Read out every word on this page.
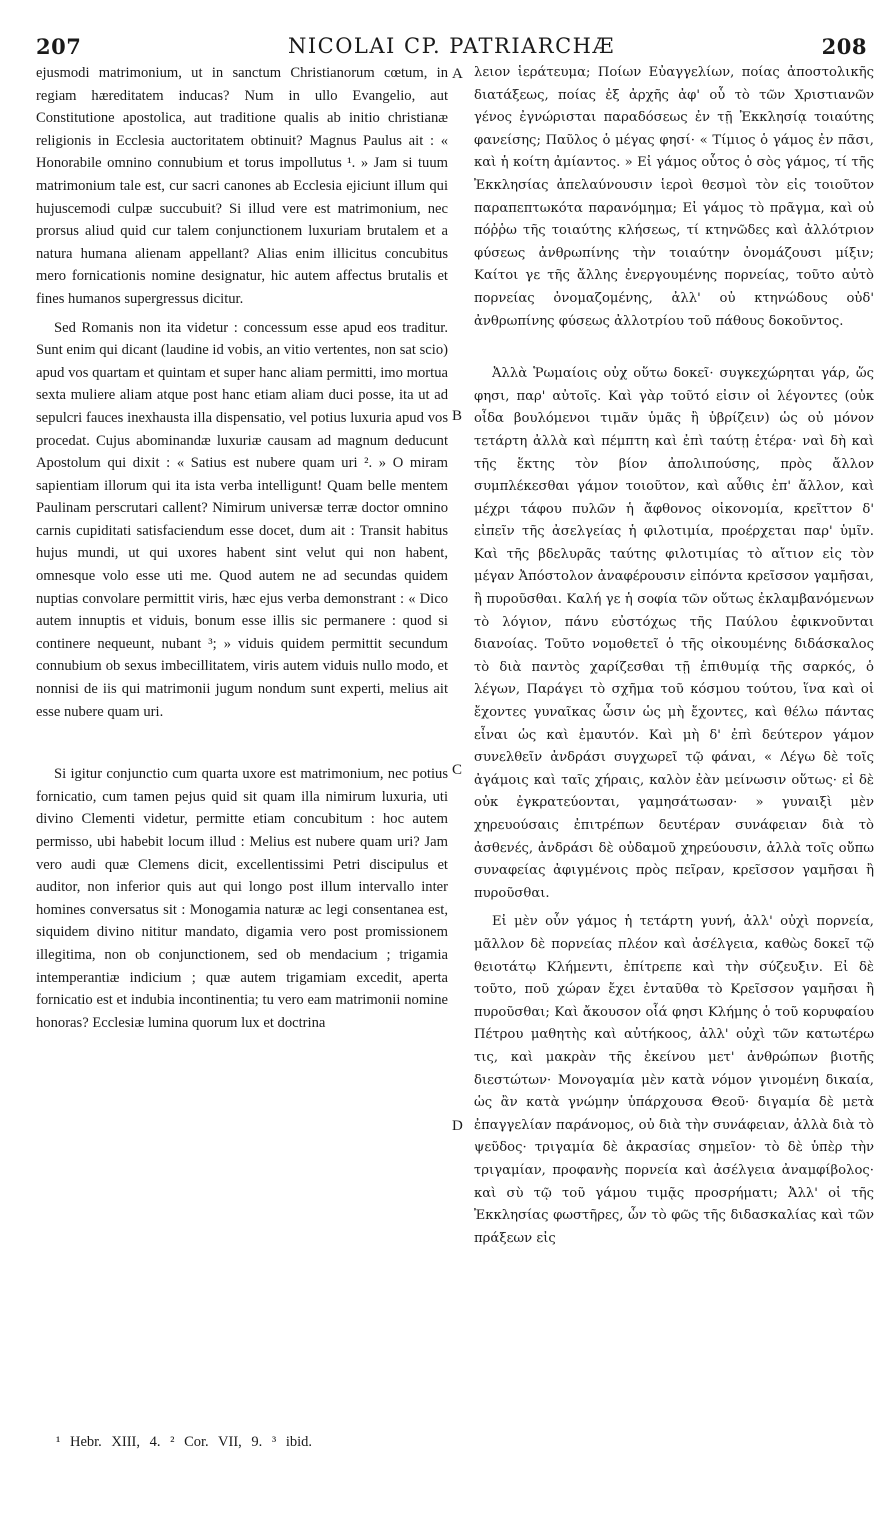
207	NICOLAI CP. PATRIARCHÆ	208

ejusmodi matrimonium, ut in sanctum Christianorum cœtum, in regiam hæreditatem inducas? Num in ullo Evangelio, aut Constitutione apostolica, aut traditione qualis ab initio christianæ religionis in Ecclesia auctoritatem obtinuit? Magnus Paulus ait : « Honorabile omnino connubium et torus impollutus ¹. » Jam si tuum matrimonium tale est, cur sacri canones ab Ecclesia ejiciunt illum qui hujuscemodi culpæ succubuit? Si illud vere est matrimonium, nec prorsus aliud quid cur talem conjunctionem luxuriam brutalem et a natura humana alienam appellant? Alias enim illicitus concubitus mero fornicationis nomine designatur, hic autem affectus brutalis et fines humanos supergressus dicitur.

Sed Romanis non ita videtur : concessum esse apud eos traditur. Sunt enim qui dicant (laudine id vobis, an vitio vertentes, non sat scio) apud vos quartam et quintam et super hanc aliam permitti, imo mortua sexta muliere aliam atque post hanc etiam aliam duci posse, ita ut ad sepulcri fauces inexhausta illa dispensatio, vel potius luxuria apud vos procedat. Cujus abominandæ luxuriæ causam ad magnum deducunt Apostolum qui dixit : « Satius est nubere quam uri ². » O miram sapientiam illorum qui ita ista verba intelligunt! Quam belle mentem Paulinam perscrutari callent? Nimirum universæ terræ doctor omnino carnis cupiditati satisfaciendum esse docet, dum ait : Transit habitus hujus mundi, ut qui uxores habent sint velut qui non habent, omnesque volo esse uti me. Quod autem ne ad secundas quidem nuptias convolare permittit viris, hæc ejus verba demonstrant : « Dico autem innuptis et viduis, bonum esse illis sic permanere : quod si continere nequeunt, nubant ³; » viduis quidem permittit secundum connubium ob sexus imbecillitatem, viris autem viduis nullo modo, et nonnisi de iis qui matrimonii jugum nondum sunt experti, melius ait esse nubere quam uri.

Si igitur conjunctio cum quarta uxore est matrimonium, nec potius fornicatio, cum tamen pejus quid sit quam illa nimirum luxuria, uti divino Clementi videtur, permitte etiam concubitum : hoc autem permisso, ubi habebit locum illud : Melius est nubere quam uri? Jam vero audi quæ Clemens dicit, excellentissimi Petri discipulus et auditor, non inferior quis aut qui longo post illum intervallo inter homines conversatus sit : Monogamia naturæ ac legi consentanea est, siquidem divino nititur mandato, digamia vero post promissionem illegitima, non ob conjunctionem, sed ob mendacium ; trigamia intemperantiæ indicium ; quæ autem trigamiam excedit, aperta fornicatio est et indubia incontinentia; tu vero eam matrimonii nomine honoras? Ecclesiæ lumina quorum lux et doctrina

A
B
C
D

λειον ἱεράτευμα; Ποίων Εὐαγγελίων, ποίας ἀποστολικῆς διατάξεως, ποίας ἐξ ἀρχῆς ἀφ' οὗ τὸ τῶν Χριστιανῶν γένος ἐγνώρισται παραδόσεως ἐν τῇ Ἐκκλησίᾳ τοιαύτης φανείσης; Παῦλος ὁ μέγας φησί· « Τίμιος ὁ γάμος ἐν πᾶσι, καὶ ἡ κοίτη ἀμίαντος. » Εἰ γάμος οὗτος ὁ σὸς γάμος, τί τῆς Ἐκκλησίας ἀπελαύνουσιν ἱεροὶ θεσμοὶ τὸν εἰς τοιοῦτον παραπεπτωκότα παρανόμημα; Εἰ γάμος τὸ πρᾶγμα, καὶ οὐ πόῤῥω τῆς τοιαύτης κλήσεως, τί κτηνῶδες καὶ ἀλλότριον φύσεως ἀνθρωπίνης τὴν τοιαύτην ὀνομάζουσι μίξιν; Καίτοι γε τῆς ἄλλης ἐνεργουμένης πορνείας, τοῦτο αὐτὸ πορνείας ὀνομαζομένης, ἀλλ' οὐ κτηνώδους οὐδ' ἀνθρωπίνης φύσεως ἀλλοτρίου τοῦ πάθους δοκοῦντος.

Ἀλλὰ Ῥωμαίοις οὐχ οὕτω δοκεῖ· συγκεχώρηται γάρ, ὥς φησι, παρ' αὐτοῖς. Καὶ γὰρ τοῦτό εἰσιν οἱ λέγοντες (οὐκ οἶδα βουλόμενοι τιμᾶν ὑμᾶς ἢ ὑβρίζειν) ὡς οὐ μόνον τετάρτη ἀλλὰ καὶ πέμπτη καὶ ἐπὶ ταύτῃ ἑτέρα· ναὶ δὴ καὶ τῆς ἕκτης τὸν βίον ἀπολιπούσης, πρὸς ἄλλον συμπλέκεσθαι γάμον τοιοῦτον, καὶ αὖθις ἐπ' ἄλλον, καὶ μέχρι τάφου πυλῶν ἡ ἄφθονος οἰκονομία, κρεῖττον δ' εἰπεῖν τῆς ἀσελγείας ἡ φιλοτιμία, προέρχεται παρ' ὑμῖν. Καὶ τῆς βδελυρᾶς ταύτης φιλοτιμίας τὸ αἴτιον εἰς τὸν μέγαν Ἀπόστολον ἀναφέρουσιν εἰπόντα κρεῖσσον γαμῆσαι, ἢ πυροῦσθαι. Καλή γε ἡ σοφία τῶν οὕτως ἐκλαμβανόμενων τὸ λόγιον, πάνυ εὐστόχως τῆς Παύλου ἐφικνοῦνται διανοίας. Τοῦτο νομοθετεῖ ὁ τῆς οἰκουμένης διδάσκαλος τὸ διὰ παντὸς χαρίζεσθαι τῇ ἐπιθυμίᾳ τῆς σαρκός, ὁ λέγων, Παράγει τὸ σχῆμα τοῦ κόσμου τούτου, ἵνα καὶ οἱ ἔχοντες γυναῖκας ὦσιν ὡς μὴ ἔχοντες, καὶ θέλω πάντας εἶναι ὡς καὶ ἐμαυτόν. Καὶ μὴ δ' ἐπὶ δεύτερον γάμον συνελθεῖν ἀνδράσι συγχωρεῖ τῷ φάναι, « Λέγω δὲ τοῖς ἀγάμοις καὶ ταῖς χήραις, καλὸν ἐὰν μείνωσιν οὕτως· εἰ δὲ οὐκ ἐγκρατεύονται, γαμησάτωσαν· » γυναιξὶ μὲν χηρευούσαις ἐπιτρέπων δευτέραν συνάφειαν διὰ τὸ ἀσθενές, ἀνδράσι δὲ οὐδαμοῦ χηρεύουσιν, ἀλλὰ τοῖς οὔπω συναφείας ἀφιγμένοις πρὸς πεῖραν, κρεῖσσον γαμῆσαι ἢ πυροῦσθαι.

Εἰ μὲν οὖν γάμος ἡ τετάρτη γυνή, ἀλλ' οὐχὶ πορνεία, μᾶλλον δὲ πορνείας πλέον καὶ ἀσέλγεια, καθὼς δοκεῖ τῷ θειοτάτῳ Κλήμεντι, ἐπίτρεπε καὶ τὴν σύζευξιν. Εἰ δὲ τοῦτο, ποῦ χώραν ἔχει ἐνταῦθα τὸ Κρεῖσσον γαμῆσαι ἢ πυροῦσθαι; Καὶ ἄκουσον οἷά φησι Κλήμης ὁ τοῦ κορυφαίου Πέτρου μαθητὴς καὶ αὐτήκοος, ἀλλ' οὐχὶ τῶν κατωτέρω τις, καὶ μακρὰν τῆς ἐκείνου μετ' ἀνθρώπων βιοτῆς διεστώτων· Μονογαμία μὲν κατὰ νόμον γινομένη δικαία, ὡς ἂν κατὰ γνώμην ὑπάρχουσα Θεοῦ· διγαμία δὲ μετὰ ἐπαγγελίαν παράνομος, οὐ διὰ τὴν συνάφειαν, ἀλλὰ διὰ τὸ ψεῦδος· τριγαμία δὲ ἀκρασίας σημεῖον· τὸ δὲ ὑπὲρ τὴν τριγαμίαν, προφανὴς πορνεία καὶ ἀσέλγεια ἀναμφίβολος· καὶ σὺ τῷ τοῦ γάμου τιμᾷς προσρήματι; Ἀλλ' οἱ τῆς Ἐκκλησίας φωστῆρες, ὧν τὸ φῶς τῆς διδασκαλίας καὶ τῶν πράξεων εἰς

¹ Hebr. XIII, 4. ² Cor. VII, 9. ³ ibid.
